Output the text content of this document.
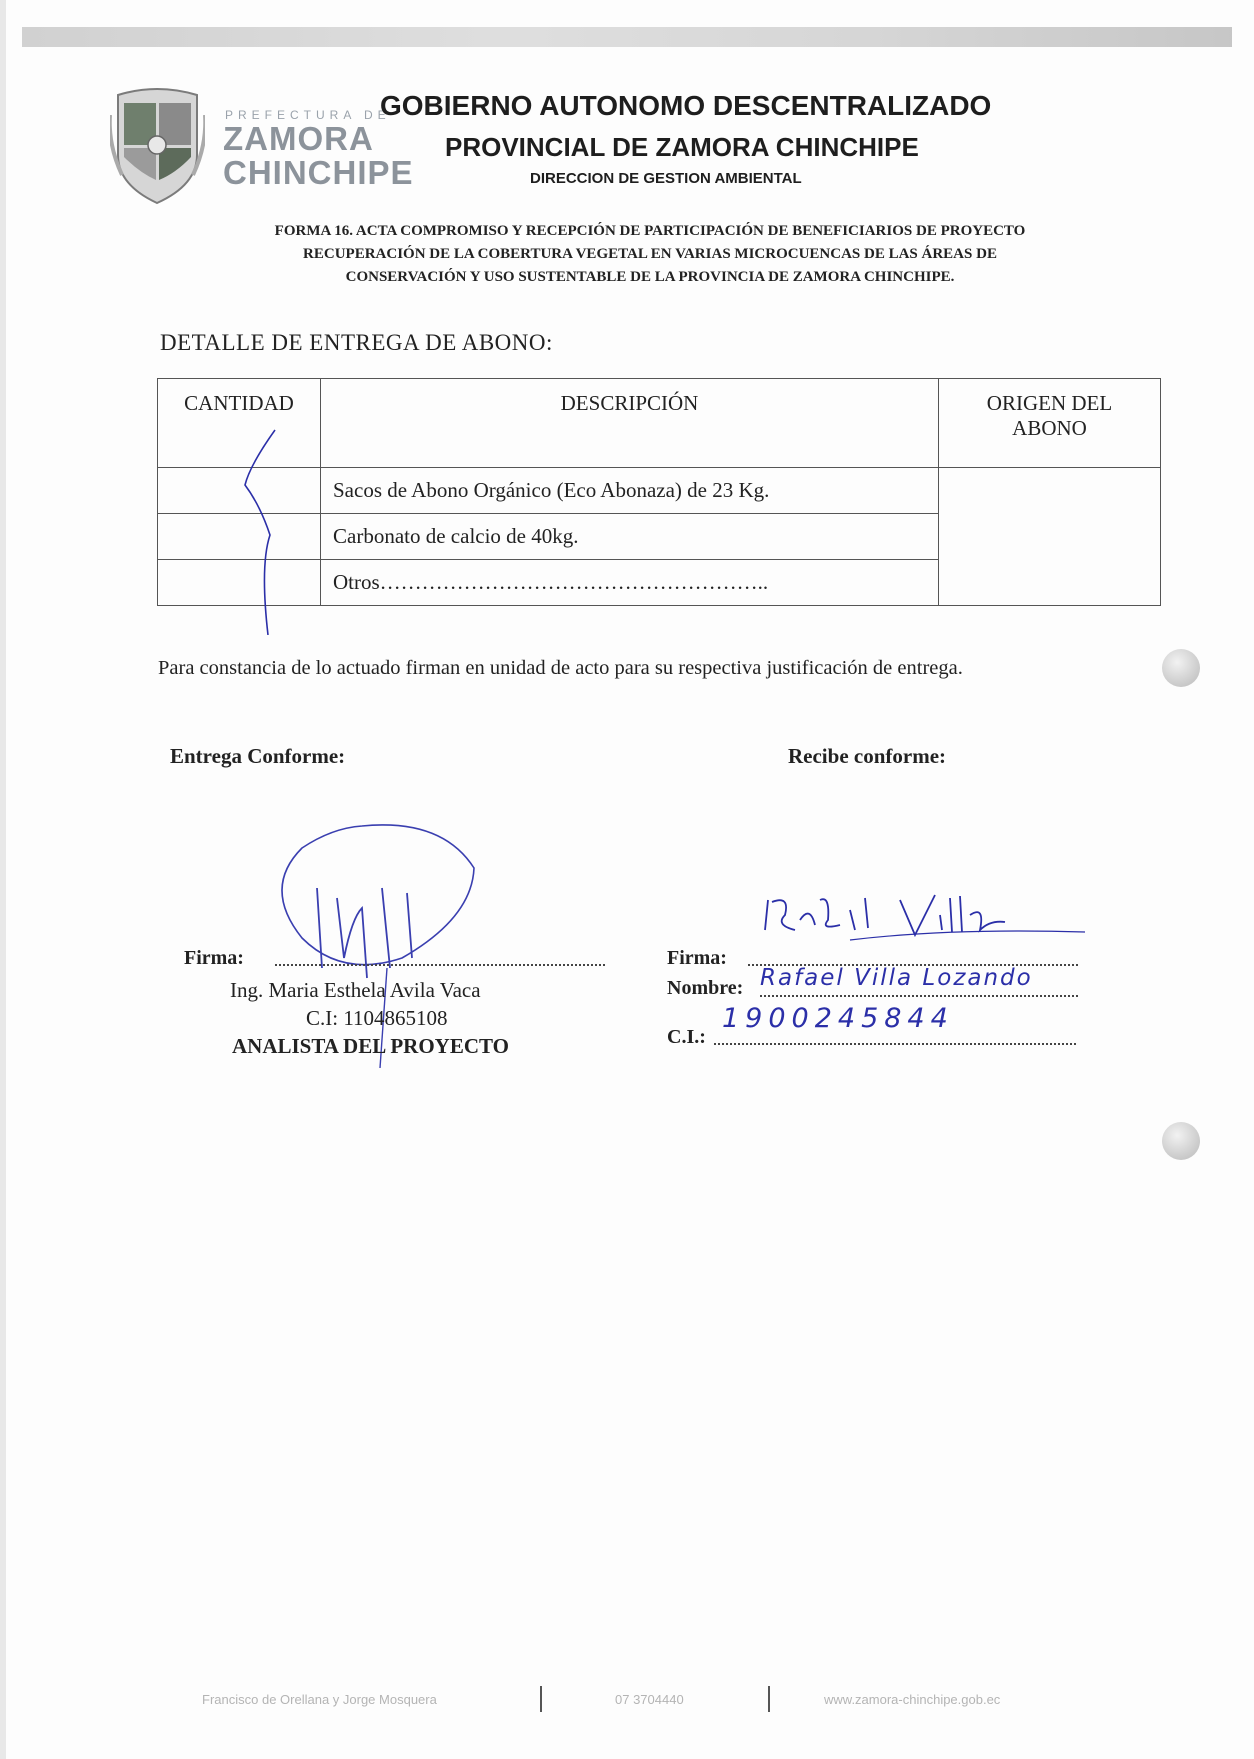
PREFECTURA DE
ZAMORA
CHINCHIPE
GOBIERNO AUTONOMO DESCENTRALIZADO
PROVINCIAL DE ZAMORA CHINCHIPE
DIRECCION DE GESTION AMBIENTAL
FORMA 16. ACTA COMPROMISO Y RECEPCIÓN DE PARTICIPACIÓN DE BENEFICIARIOS DE PROYECTO
RECUPERACIÓN DE LA COBERTURA VEGETAL EN VARIAS MICROCUENCAS DE LAS ÁREAS DE
CONSERVACIÓN Y USO SUSTENTABLE DE LA PROVINCIA DE ZAMORA CHINCHIPE.
DETALLE DE ENTREGA DE ABONO:
CANTIDAD	DESCRIPCIÓN	ORIGEN DEL
ABONO

	Sacos de Abono Orgánico (Eco Abonaza) de 23 Kg.	
	Carbonato de calcio de 40kg.	
	Otros………………………………………………..	
Para constancia de lo actuado firman en unidad de acto para su respectiva justificación de entrega.
Entrega Conforme:	Recibe conforme:
Firma:
Ing. Maria Esthela Avila Vaca
C.I: 1104865108
ANALISTA DEL PROYECTO
Firma:
Nombre: Rafael Villa Lozando
C.I.:
1900245844
Francisco de Orellana y Jorge Mosquera	07 3704440	www.zamora-chinchipe.gob.ec
